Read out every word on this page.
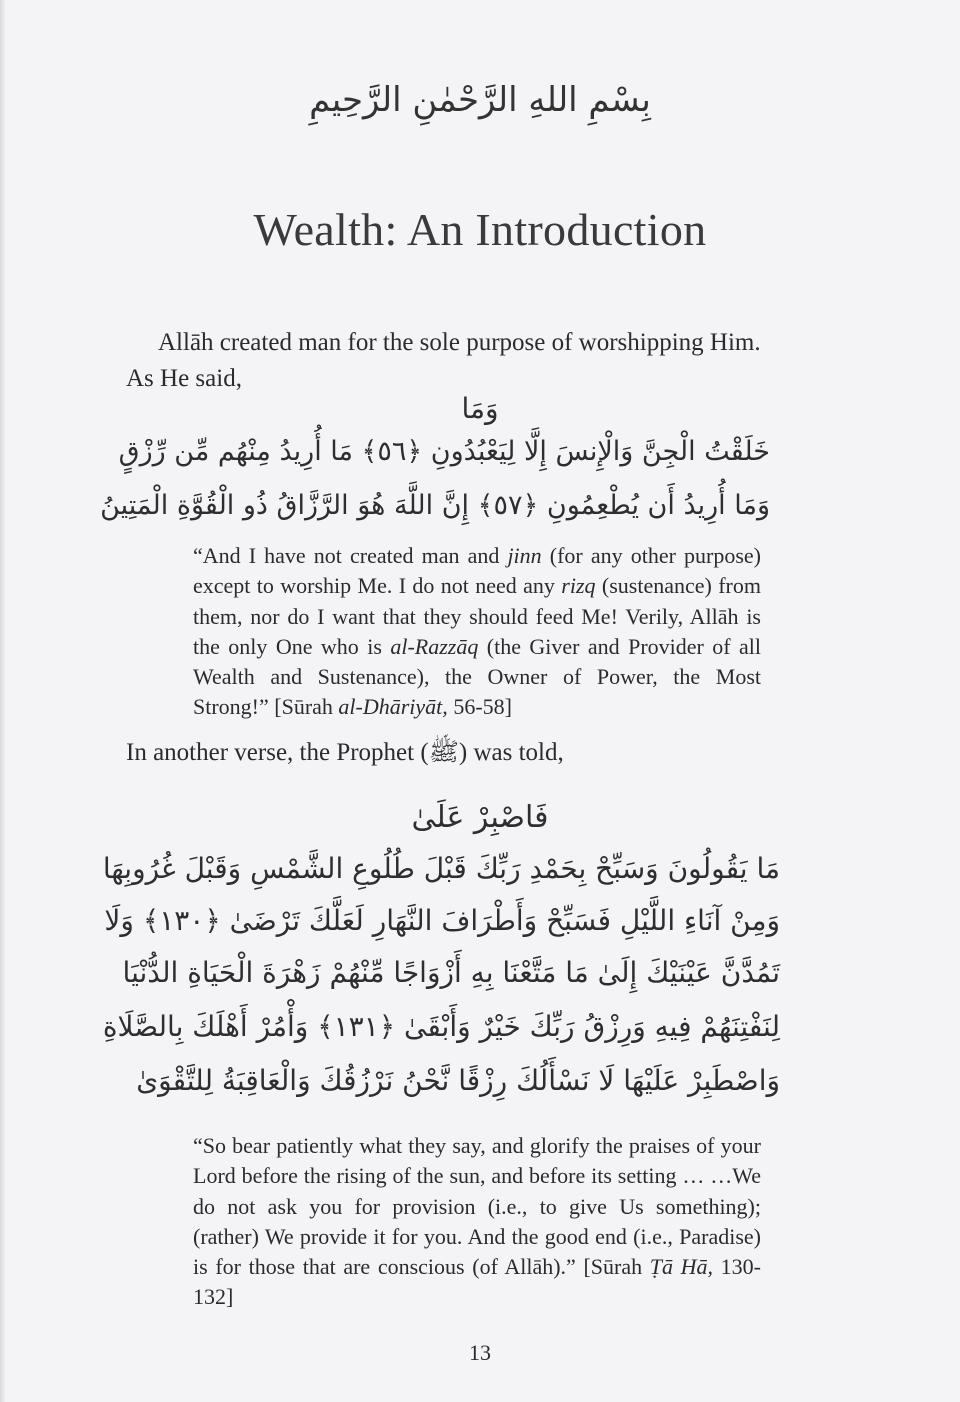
بِسْمِ اللهِ الرَّحْمٰنِ الرَّحِيمِ
Wealth: An Introduction

Allāh created man for the sole purpose of worshipping Him.

As He said,

وَمَا
خَلَقْتُ الْجِنَّ وَالْإِنسَ إِلَّا لِيَعْبُدُونِ ﴿٥٦﴾ مَا أُرِيدُ مِنْهُم مِّن رِّزْقٍ
وَمَا أُرِيدُ أَن يُطْعِمُونِ ﴿٥٧﴾ إِنَّ اللَّهَ هُوَ الرَّزَّاقُ ذُو الْقُوَّةِ الْمَتِينُ

“And I have not created man and jinn (for any other purpose) except to worship Me. I do not need any rizq (sustenance) from them, nor do I want that they should feed Me! Verily, Allāh is the only One who is al-Razzāq (the Giver and Provider of all Wealth and Sustenance), the Owner of Power, the Most Strong!” [Sūrah al-Dhāriyāt, 56-58]

In another verse, the Prophet (ﷺ) was told,

فَاصْبِرْ عَلَىٰ
مَا يَقُولُونَ وَسَبِّحْ بِحَمْدِ رَبِّكَ قَبْلَ طُلُوعِ الشَّمْسِ وَقَبْلَ غُرُوبِهَا
وَمِنْ آنَاءِ اللَّيْلِ فَسَبِّحْ وَأَطْرَافَ النَّهَارِ لَعَلَّكَ تَرْضَىٰ ﴿١٣٠﴾ وَلَا
تَمُدَّنَّ عَيْنَيْكَ إِلَىٰ مَا مَتَّعْنَا بِهِ أَزْوَاجًا مِّنْهُمْ زَهْرَةَ الْحَيَاةِ الدُّنْيَا
لِنَفْتِنَهُمْ فِيهِ وَرِزْقُ رَبِّكَ خَيْرٌ وَأَبْقَىٰ ﴿١٣١﴾ وَأْمُرْ أَهْلَكَ بِالصَّلَاةِ
وَاصْطَبِرْ عَلَيْهَا لَا نَسْأَلُكَ رِزْقًا نَّحْنُ نَرْزُقُكَ وَالْعَاقِبَةُ لِلتَّقْوَىٰ

“So bear patiently what they say, and glorify the praises of your Lord before the rising of the sun, and before its setting … …We do not ask you for provision (i.e., to give Us something); (rather) We provide it for you. And the good end (i.e., Paradise) is for those that are conscious (of Allāh).” [Sūrah Ṭā Hā, 130-132]

13
